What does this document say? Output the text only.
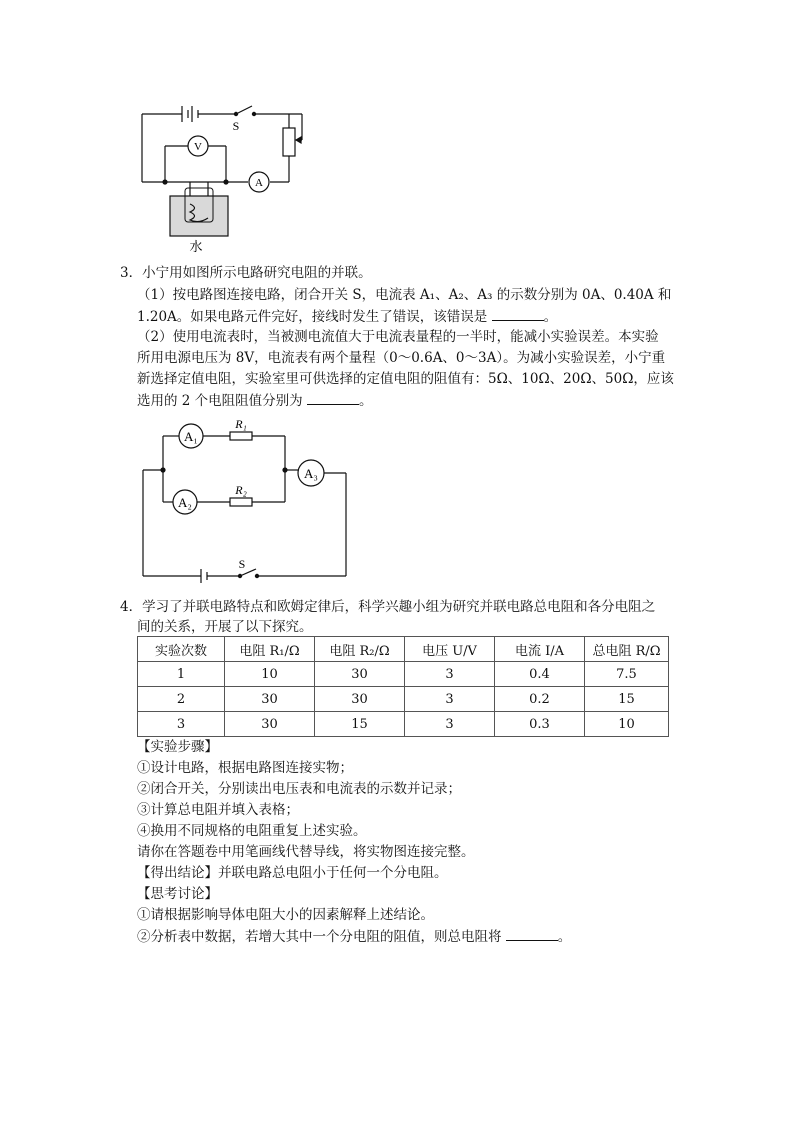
V
A
S
水
3．小宁用如图所示电路研究电阻的并联。
（1）按电路图连接电路，闭合开关 S，电流表 A₁、A₂、A₃ 的示数分别为 0A、0.40A 和
1.20A。如果电路元件完好，接线时发生了错误，该错误是	。
（2）使用电流表时，当被测电流值大于电流表量程的一半时，能减小实验误差。本实验
所用电源电压为 8V，电流表有两个量程（0～0.6A、0～3A）。为减小实验误差，小宁重
新选择定值电阻，实验室里可供选择的定值电阻的阻值有：5Ω、10Ω、20Ω、50Ω，应该
选用的 2 个电阻阻值分别为	。
A₁
A₂
A₃
R₁
R₂
S
4．学习了并联电路特点和欧姆定律后，科学兴趣小组为研究并联电路总电阻和各分电阻之
间的关系，开展了以下探究。
实验次数	电阻 R₁/Ω	电阻 R₂/Ω	电压 U/V	电流 I/A	总电阻 R/Ω
1	10	30	3	0.4	7.5
2	30	30	3	0.2	15
3	30	15	3	0.3	10
【实验步骤】
①设计电路，根据电路图连接实物；
②闭合开关，分别读出电压表和电流表的示数并记录；
③计算总电阻并填入表格；
④换用不同规格的电阻重复上述实验。
请你在答题卷中用笔画线代替导线，将实物图连接完整。
【得出结论】并联电路总电阻小于任何一个分电阻。
【思考讨论】
①请根据影响导体电阻大小的因素解释上述结论。
②分析表中数据，若增大其中一个分电阻的阻值，则总电阻将	。
